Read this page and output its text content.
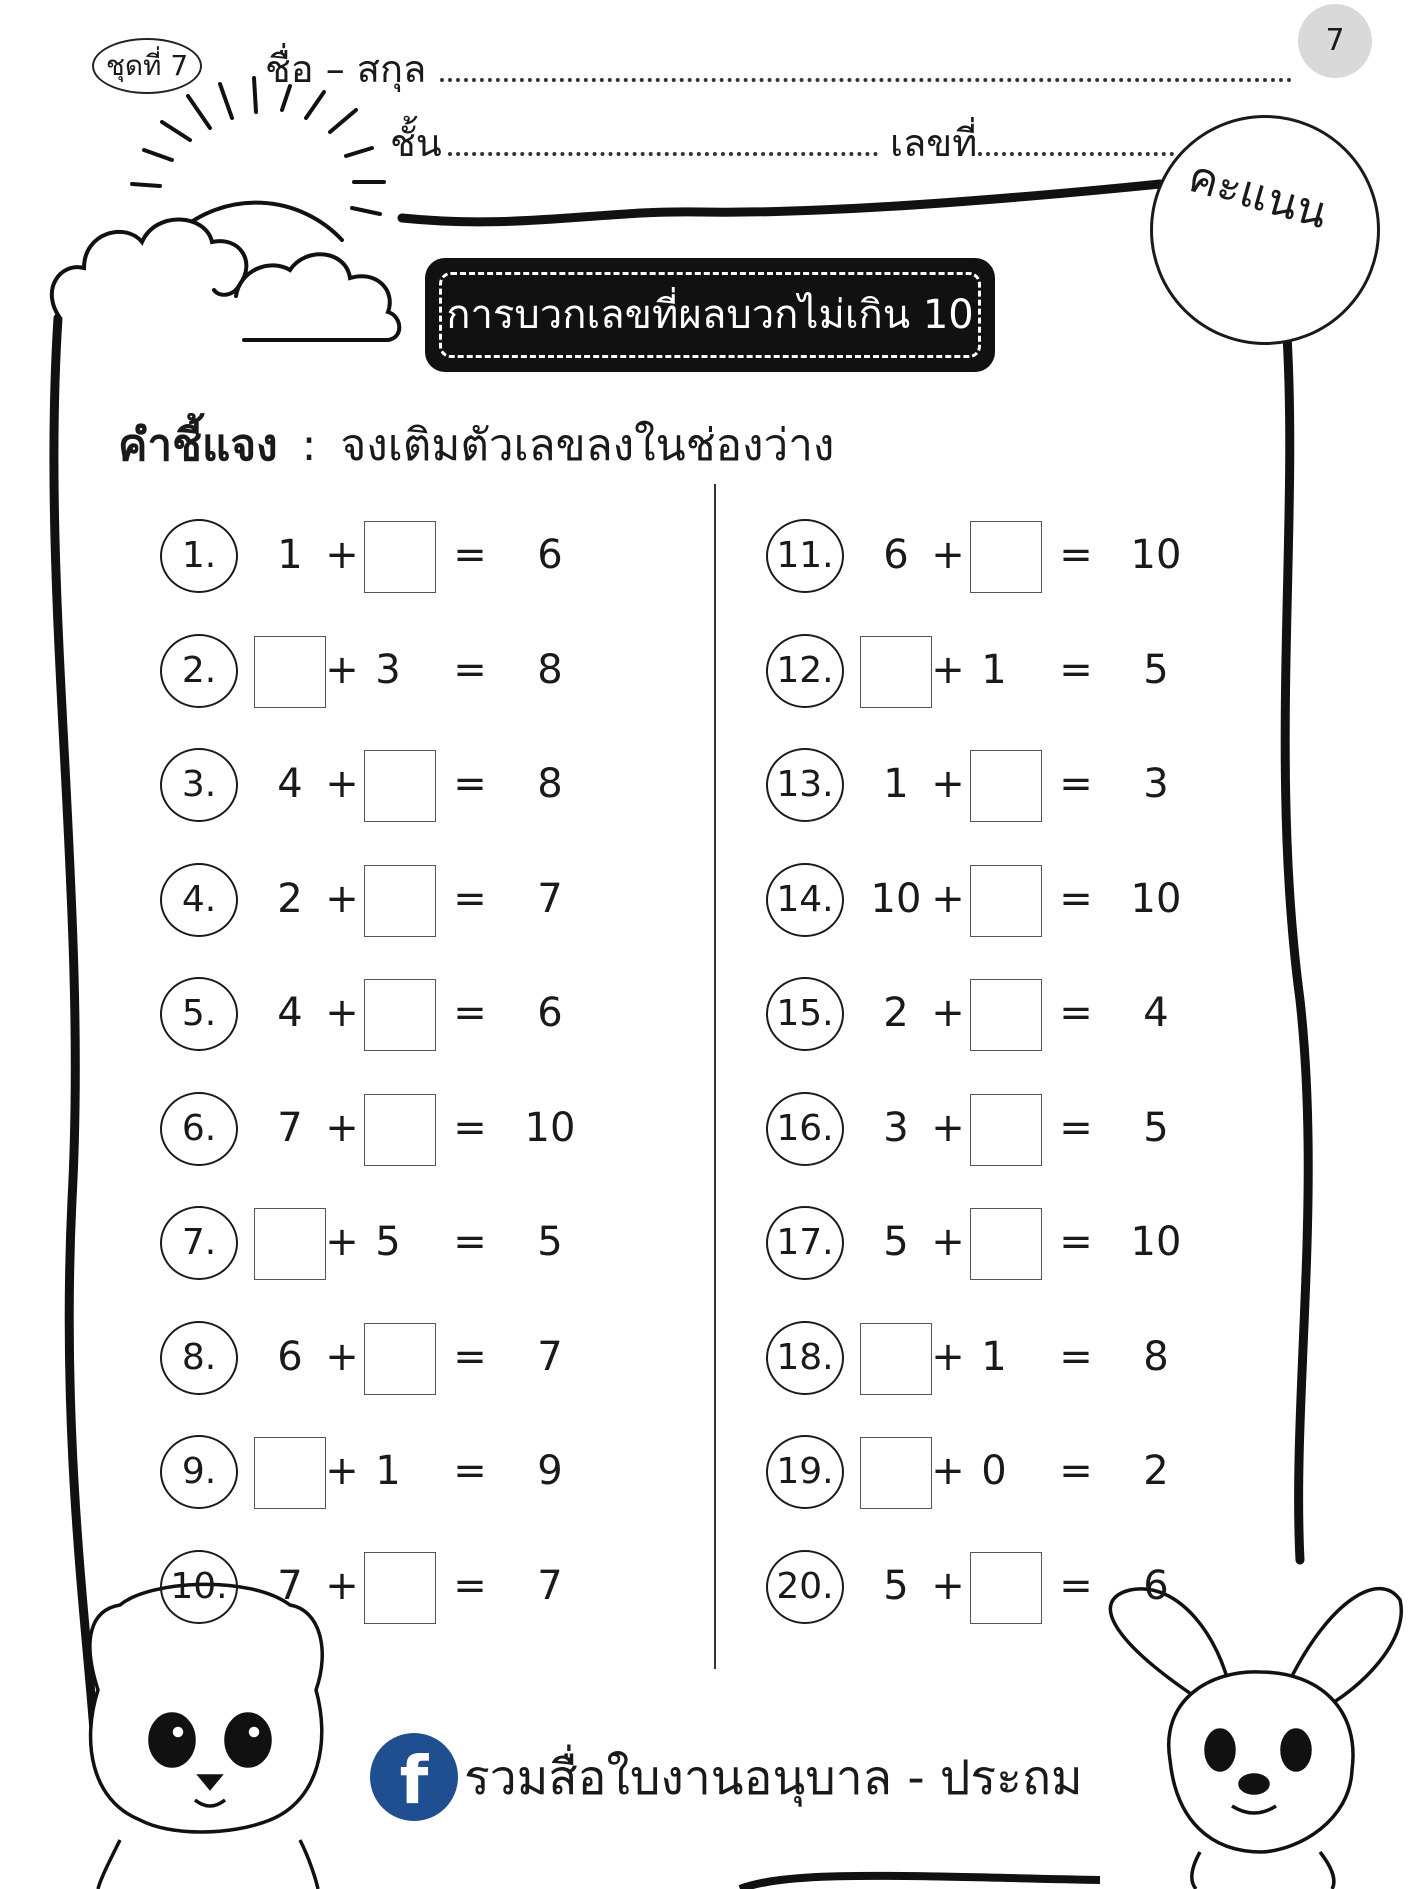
ชุดที่ 7	ชื่อ – สกุล
ชั้น	เลขที่
7
คะแนน
การบวกเลขที่ผลบวกไม่เกิน 10
คำชี้แจง : จงเติมตัวเลขลงในช่องว่าง
1.	1 +	=	6
2.	+ 3	=	8
3.	4 +	=	8
4.	2 +	=	7
5.	4 +	=	6
6.	7 +	= 10
7.	+ 5	=	5
8.	6 +	=	7
9.	+ 1	=	9
10.	7 +	=	7
11.	6 +	= 10
12.	+ 1	=	5
13.	1 +	=	3
14. 10 +	= 10
15.	2 +	=	4
16.	3 +	=	5
17.	5 +	= 10
18.	+ 1	=	8
19.	+ 0	=	2
20.	5 +	=	6
f รวมสื่อใบงานอนุบาล - ประถม
